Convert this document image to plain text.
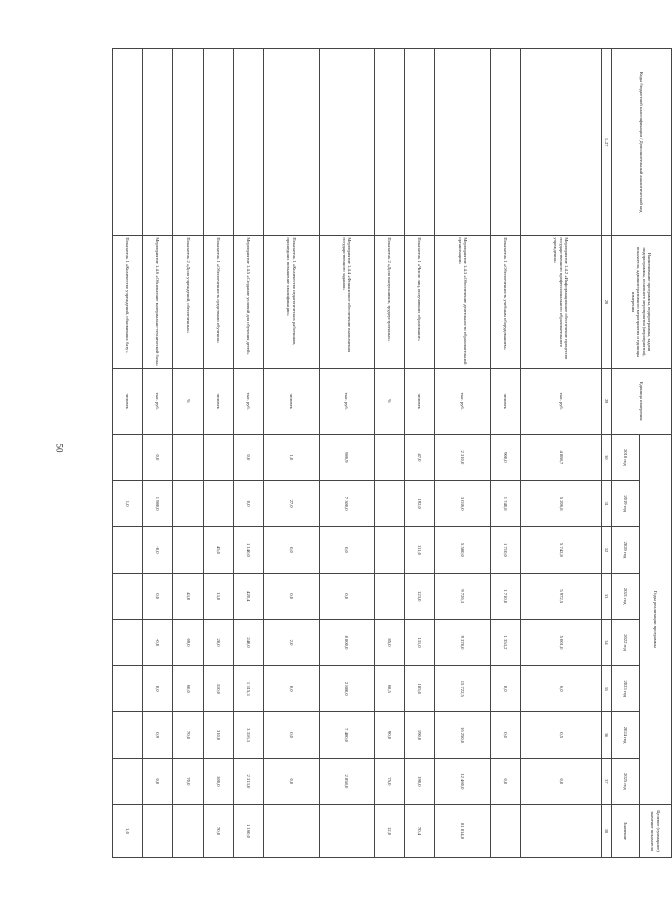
50
Коды бюджетной классификации / Дополнительный аналитический код	Наименование программы, подпрограммы, задачи подпрограммы, основного мероприятия (мероприятия), показателя, административного мероприятия и единицы измерения	Единица измерения	Годы реализации программы								Целевое (суммарное) значение показателя
			2018 год	2019 год	2020 год	2021 год	2022 год	2023 год	2024 год	2025 год	Значение
1–27	28	29	30	31	32	33	34	35	36	37	38
	Мероприятие 1.4.2 «Информационное обеспечение процессов государственного профессионального образовательного учреждения»	тыс. руб.	4 888,7	5 206,8	5 742,8	5 972,5	5 001,0	6,0	0,5	0,0	
	Показатель 1 «Обеспеченность учебным оборудованием»	человек	900,0	1 740,8	1 710,0	1 710,0	1 353,2	0,0	0,0	0,0	
	Мероприятие 1.4.3 «Обеспечение деятельности образовательной организации»	тыс. руб.	2 310,0	3 036,0	5 580,0	9 726,3	9 378,0	15 722,5	16 250,0	12 460,0	81 814,8
	Показатель 1 «Число лиц, получивших образование»	человек	47,0	192,0	111,0	123,0	131,0	185,0	190,0	190,0	70,4
	Показатель 2 «Доля выпускников, трудоустроенных»	%					85,0	68,5	90,0	75,0	12,0
	Мероприятие 1.4.4 «Финансовое обеспечение выполнения государственного задания»	тыс. руб.	986,9	7 300,0	0,0	0,0	8 800,0	2 880,0	7 400,0	2 858,0	
	Показатель 1 «Количество педагогических работников, прошедших повышение квалификации»	человек	1,0	27,0	0,0	0,0	2,0	0,0	0,0	0,0	
	Мероприятие 1.4.5 «Создание условий для обучения детей»	тыс. руб.	0,0	0,0	1 140,0	420,4	240,0	1 315,3	3 316,3	2 313,0	1 160,0
	Показатель 1 «Обеспеченность средствами обучения»	человек			45,0	13,0	28,0	310,0	310,0	300,0	70,0
	Показатель 2 «Доля учреждений, обеспеченных»	%				43,0	69,0	60,0	70,0	70,0	
	Мероприятие 1.4.6 «Обновление материально-технической базы»	тыс. руб.	0,0	1 980,0	-0,0	0,0	-0,0	0,0	0,9	0,0	
	Показатель 1 «Количество учреждений, обновивших базу»	человек		1,0							1,0
